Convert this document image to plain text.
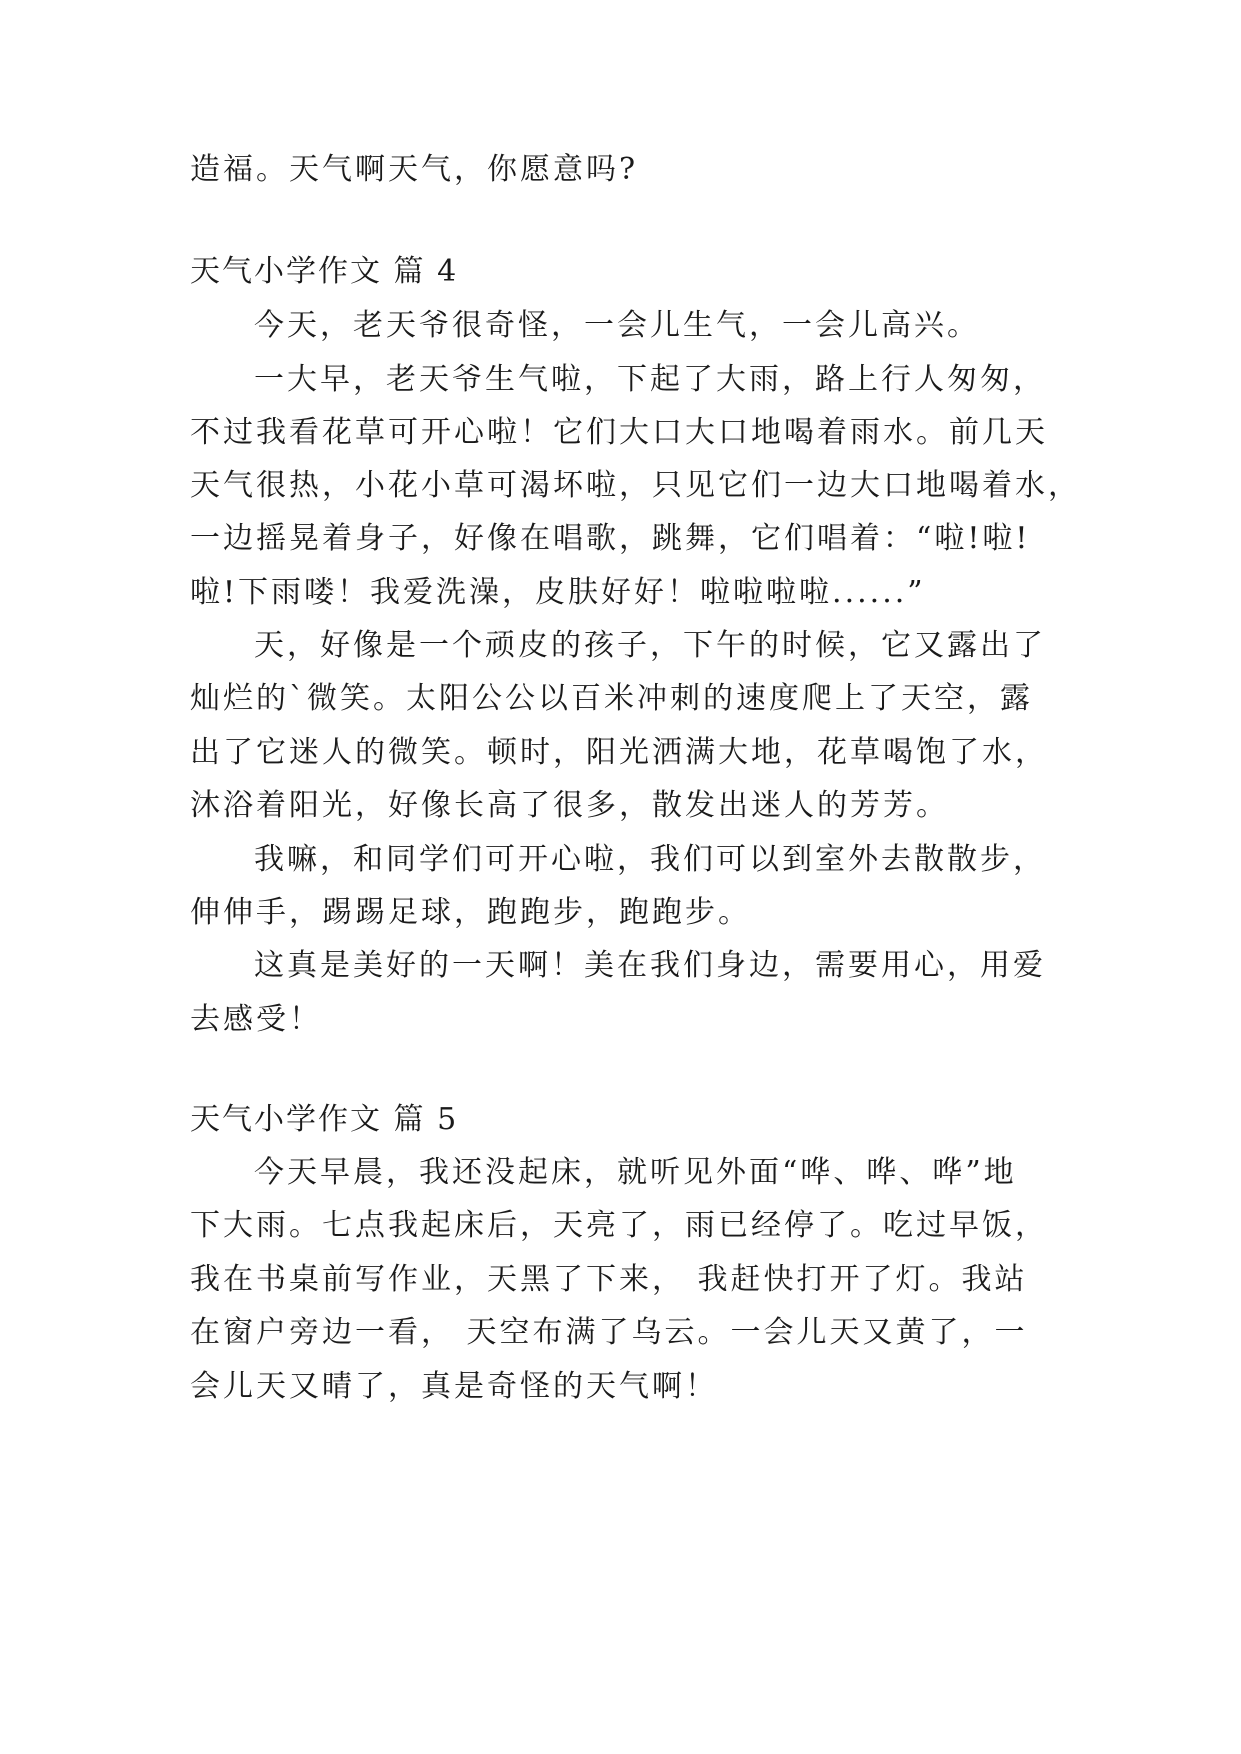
造福。天气啊天气，你愿意吗?
天气小学作文 篇 4
今天，老天爷很奇怪，一会儿生气，一会儿高兴。
一大早，老天爷生气啦，下起了大雨，路上行人匆匆，
不过我看花草可开心啦！它们大口大口地喝着雨水。前几天
天气很热，小花小草可渴坏啦，只见它们一边大口地喝着水，
一边摇晃着身子，好像在唱歌，跳舞，它们唱着：“啦!啦!
啦!下雨喽！我爱洗澡，皮肤好好！啦啦啦啦......”
天，好像是一个顽皮的孩子，下午的时候，它又露出了
灿烂的`微笑。太阳公公以百米冲刺的速度爬上了天空，露
出了它迷人的微笑。顿时，阳光洒满大地，花草喝饱了水，
沐浴着阳光，好像长高了很多，散发出迷人的芳芳。
我嘛，和同学们可开心啦，我们可以到室外去散散步，
伸伸手，踢踢足球，跑跑步，跑跑步。
这真是美好的一天啊！美在我们身边，需要用心，用爱
去感受！
天气小学作文 篇 5
今天早晨，我还没起床，就听见外面“哗、哗、哗”地
下大雨。七点我起床后，天亮了，雨已经停了。吃过早饭，
我在书桌前写作业，天黑了下来， 我赶快打开了灯。我站
在窗户旁边一看， 天空布满了乌云。一会儿天又黄了，一
会儿天又晴了，真是奇怪的天气啊！
